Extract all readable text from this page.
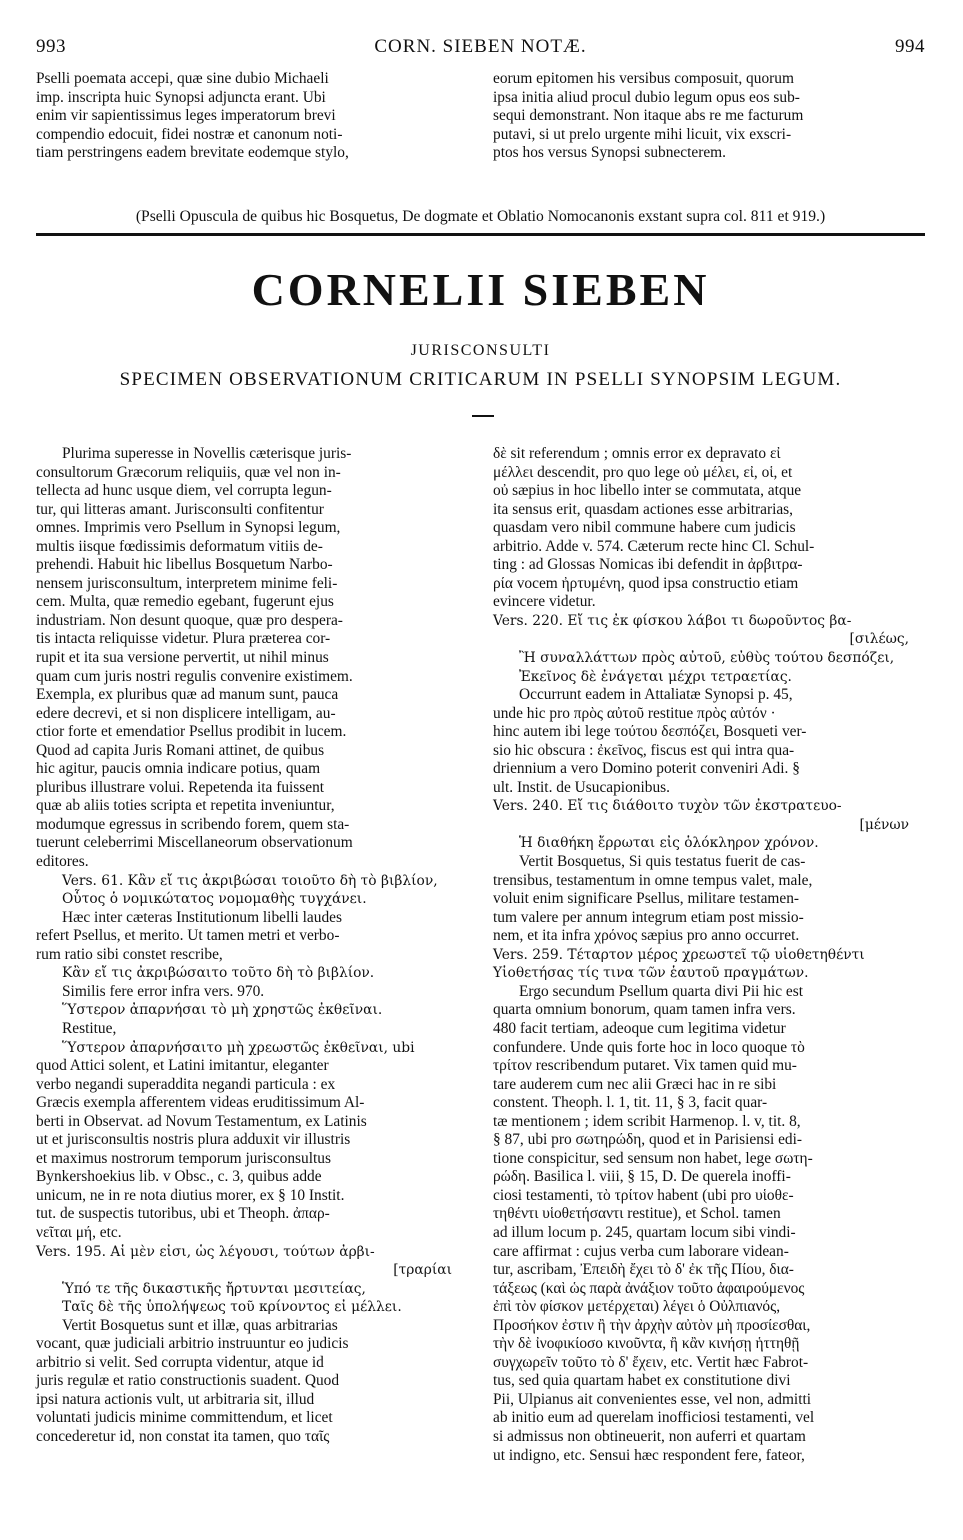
993	CORN. SIEBEN NOTÆ.	994

Pselli poemata accepi, quæ sine dubio Michaeli

imp. inscripta huic Synopsi adjuncta erant. Ubi

enim vir sapientissimus leges imperatorum brevi

compendio edocuit, fidei nostræ et canonum noti-

tiam perstringens eadem brevitate eodemque stylo,

eorum epitomen his versibus composuit, quorum

ipsa initia aliud procul dubio legum opus eos sub-

sequi demonstrant. Non itaque abs re me facturum

putavi, si ut prelo urgente mihi licuit, vix exscri-

ptos hos versus Synopsi subnecterem.

(Pselli Opuscula de quibus hic Bosquetus, De dogmate et Oblatio Nomocanonis exstant supra col. 811 et 919.)
CORNELII SIEBEN
JURISCONSULTI
SPECIMEN OBSERVATIONUM CRITICARUM IN PSELLI SYNOPSIM LEGUM.

Plurima superesse in Novellis cæterisque juris-

consultorum Græcorum reliquiis, quæ vel non in-

tellecta ad hunc usque diem, vel corrupta legun-

tur, qui litteras amant. Jurisconsulti confitentur

omnes. Imprimis vero Psellum in Synopsi legum,

multis iisque fœdissimis deformatum vitiis de-

prehendi. Habuit hic libellus Bosquetum Narbo-

nensem jurisconsultum, interpretem minime feli-

cem. Multa, quæ remedio egebant, fugerunt ejus

industriam. Non desunt quoque, quæ pro despera-

tis intacta reliquisse videtur. Plura præterea cor-

rupit et ita sua versione pervertit, ut nihil minus

quam cum juris nostri regulis convenire existimem.

Exempla, ex pluribus quæ ad manum sunt, pauca

edere decrevi, et si non displicere intelligam, au-

ctior forte et emendatior Psellus prodibit in lucem.

Quod ad capita Juris Romani attinet, de quibus

hic agitur, paucis omnia indicare potius, quam

pluribus illustrare volui. Repetenda ita fuissent

quæ ab aliis toties scripta et repetita inveniuntur,

modumque egressus in scribendo forem, quem sta-

tuerunt celeberrimi Miscellaneorum observationum

editores.

Vers. 61. Κἂν εἴ τις ἀκριβώσαι τοιοῦτο δὴ τὸ βιβλίον,

Οὗτος ὁ νομικώτατος νομομαθὴς τυγχάνει.

Hæc inter cæteras Institutionum libelli laudes

refert Psellus, et merito. Ut tamen metri et verbo-

rum ratio sibi constet rescribe,

Κἂν εἴ τις ἀκριβώσαιτο τοῦτο δὴ τὸ βιβλίον.

Similis fere error infra vers. 970.

Ὕστερον ἀπαρνήσαι τὸ μὴ χρηστῶς ἐκθεῖναι.

Restitue,

Ὕστερον ἀπαρνήσαιτο μὴ χρεωστῶς ἐκθεῖναι, ubi

quod Attici solent, et Latini imitantur, eleganter

verbo negandi superaddita negandi particula : ex

Græcis exempla afferentem videas eruditissimum Al-

berti in Observat. ad Novum Testamentum, ex Latinis

ut et jurisconsultis nostris plura adduxit vir illustris

et maximus nostrorum temporum jurisconsultus

Bynkershoekius lib. v Obsc., c. 3, quibus adde

unicum, ne in re nota diutius morer, ex § 10 Instit.

tut. de suspectis tutoribus, ubi et Theoph. ἀπαρ-

νεῖται μή, etc.

Vers. 195. Αἱ μὲν εἰσι, ὡς λέγουσι, τούτων ἀρβι-

[τραρίαι

Ὑπό τε τῆς δικαστικῆς ἤρτυνται μεσιτείας,

Ταῖς δὲ τῆς ὑπολήψεως τοῦ κρίνοντος εἰ μέλλει.

Vertit Bosquetus sunt et illæ, quas arbitrarias

vocant, quæ judiciali arbitrio instruuntur eo judicis

arbitrio si velit. Sed corrupta videntur, atque id

juris regulæ et ratio constructionis suadent. Quod

ipsi natura actionis vult, ut arbitraria sit, illud

voluntati judicis minime committendum, et licet

concederetur id, non constat ita tamen, quo ταῖς

δὲ sit referendum ; omnis error ex depravato εἰ

μέλλει descendit, pro quo lege οὐ μέλει, εἰ, οἱ, et

οὐ sæpius in hoc libello inter se commutata, atque

ita sensus erit, quasdam actiones esse arbitrarias,

quasdam vero nibil commune habere cum judicis

arbitrio. Adde v. 574. Cæterum recte hinc Cl. Schul-

ting : ad Glossas Nomicas ibi defendit in ἀρβιτρα-

ρία vocem ἠρτυμένη, quod ipsa constructio etiam

evincere videtur.

Vers. 220. Εἴ τις ἐκ φίσκου λάβοι τι δωροῦντος βα-

[σιλέως,

Ἢ συναλλάττων πρὸς αὐτοῦ, εὐθὺς τούτου δεσπόζει,

Ἐκεῖνος δὲ ἐνάγεται μέχρι τετραετίας.

Occurrunt eadem in Attaliatæ Synopsi p. 45,

unde hic pro πρὸς αὐτοῦ restitue πρὸς αὐτόν ·

hinc autem ibi lege τούτου δεσπόζει, Bosqueti ver-

sio hic obscura : ἐκεῖνος, fiscus est qui intra qua-

driennium a vero Domino poterit conveniri Adi. §

ult. Instit. de Usucapionibus.

Vers. 240. Εἴ τις διάθοιτο τυχὸν τῶν ἐκστρατευο-

[μένων

Ἡ διαθήκη ἔρρωται εἰς ὁλόκληρον χρόνον.

Vertit Bosquetus, Si quis testatus fuerit de cas-

trensibus, testamentum in omne tempus valet, male,

voluit enim significare Psellus, militare testamen-

tum valere per annum integrum etiam post missio-

nem, et ita infra χρόνος sæpius pro anno occurret.

Vers. 259. Τέταρτον μέρος χρεωστεῖ τῷ υἱοθετηθέντι

Υἱοθετήσας τίς τινα τῶν ἑαυτοῦ πραγμάτων.

Ergo secundum Psellum quarta divi Pii hic est

quarta omnium bonorum, quam tamen infra vers.

480 facit tertiam, adeoque cum legitima videtur

confundere. Unde quis forte hoc in loco quoque τὸ

τρίτον rescribendum putaret. Vix tamen quid mu-

tare auderem cum nec alii Græci hac in re sibi

constent. Theoph. l. 1, tit. 11, § 3, facit quar-

tæ mentionem ; idem scribit Harmenop. l. v, tit. 8,

§ 87, ubi pro σωτηρώδη, quod et in Parisiensi edi-

tione conspicitur, sed sensum non habet, lege σωτη-

ρώδη. Basilica l. viii, § 15, D. De querela inoffi-

ciosi testamenti, τὸ τρίτον habent (ubi pro υἱοθε-

τηθέντι υἱοθετήσαντι restitue), et Schol. tamen

ad illum locum p. 245, quartam locum sibi vindi-

care affirmat : cujus verba cum laborare videan-

tur, ascribam, Ἐπειδὴ ἔχει τὸ δ' ἐκ τῆς Πίου, δια-

τάξεως (καὶ ὡς παρὰ ἀνάξιον τοῦτο ἀφαιρούμενος

ἐπὶ τὸν φίσκον μετέρχεται) λέγει ὁ Οὐλπιανός,

Προσήκον ἐστιν ἢ τὴν ἀρχὴν αὐτὸν μὴ προσίεσθαι,

τὴν δὲ ἰνοφικίοσο κινοῦντα, ἢ κἂν κινήσῃ ἡττηθῇ

συγχωρεῖν τοῦτο τὸ δ' ἔχειν, etc. Vertit hæc Fabrot-

tus, sed quia quartam habet ex constitutione divi

Pii, Ulpianus ait convenientes esse, vel non, admitti

ab initio eum ad querelam inofficiosi testamenti, vel

si admissus non obtineuerit, non auferri et quartam

ut indigno, etc. Sensui hæc respondent fere, fateor,
